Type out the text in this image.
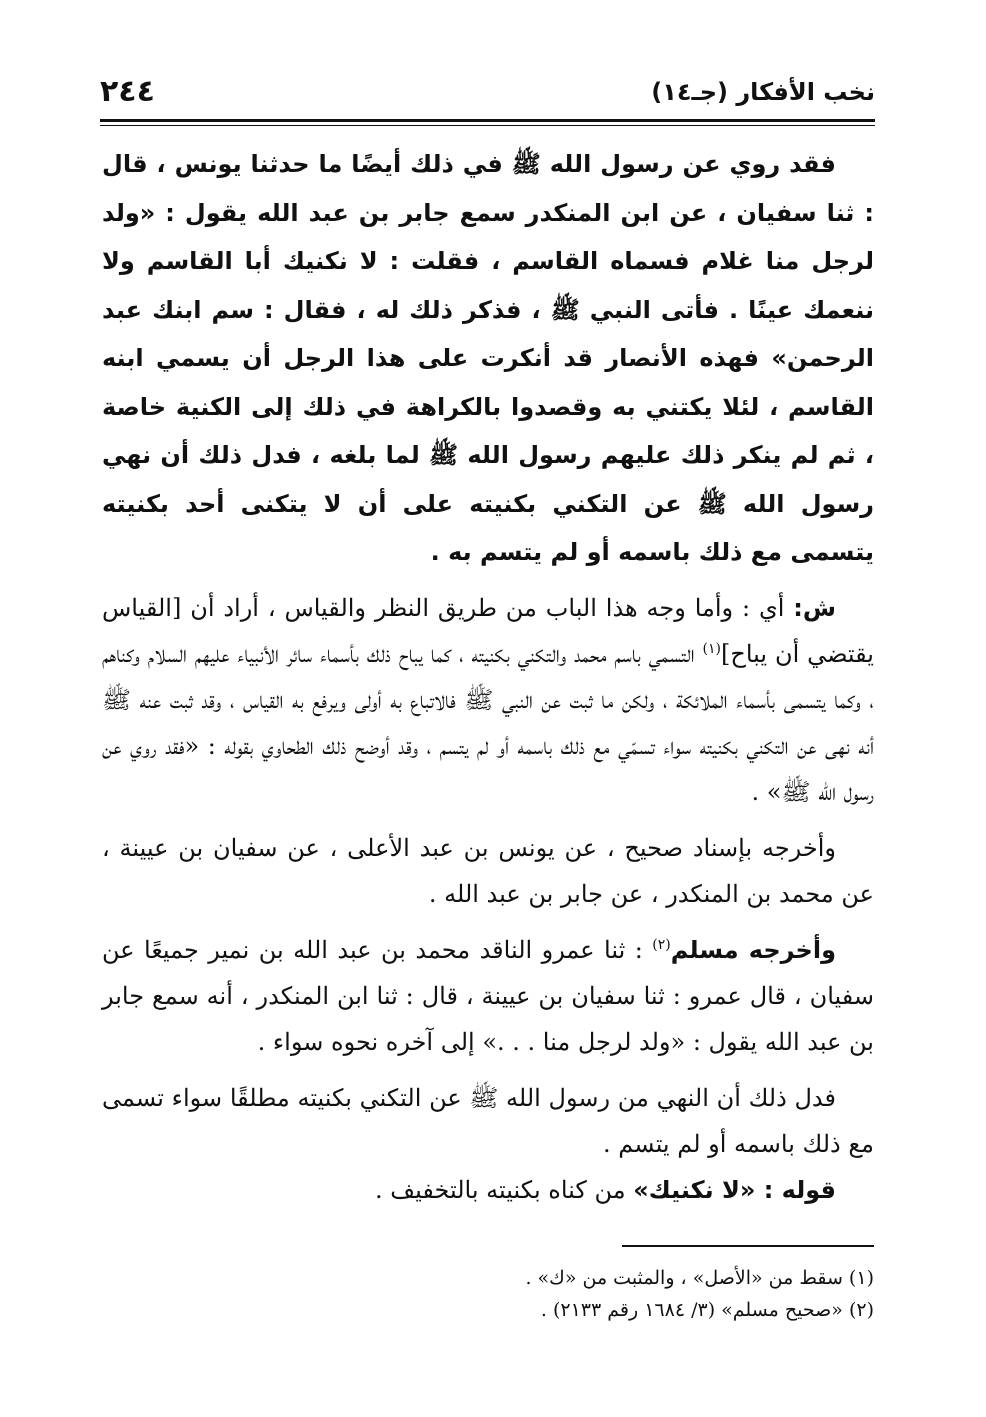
نخب الأفكار (جـ١٤)
٢٤٤

فقد روي عن رسول الله ﷺ في ذلك أيضًا ما حدثنا يونس ، قال : ثنا سفيان ، عن ابن المنكدر سمع جابر بن عبد الله يقول : «ولد لرجل منا غلام فسماه القاسم ، فقلت : لا نكنيك أبا القاسم ولا ننعمك عينًا . فأتى النبي ﷺ ، فذكر ذلك له ، فقال : سم ابنك عبد الرحمن» فهذه الأنصار قد أنكرت على هذا الرجل أن يسمي ابنه القاسم ، لئلا يكتني به وقصدوا بالكراهة في ذلك إلى الكنية خاصة ، ثم لم ينكر ذلك عليهم رسول الله ﷺ لما بلغه ، فدل ذلك أن نهي رسول الله ﷺ عن التكني بكنيته على أن لا يتكنى أحد بكنيته يتسمى مع ذلك باسمه أو لم يتسم به .

ش: أي : وأما وجه هذا الباب من طريق النظر والقياس ، أراد أن [القياس يقتضي أن يباح]$^{(١)}$ التسمي باسم محمد والتكني بكنيته ، كما يباح ذلك بأسماء سائر الأنبياء عليهم السلام وكناهم ، وكما يتسمى بأسماء الملائكة ، ولكن ما ثبت عن النبي ﷺ فالاتباع به أولى ويرفع به القياس ، وقد ثبت عنه ﷺ أنه نهى عن التكني بكنيته سواء تسمّي مع ذلك باسمه أو لم يتسم ، وقد أوضح ذلك الطحاوي بقوله : «فقد روي عن رسول الله ﷺ» .

وأخرجه بإسناد صحيح ، عن يونس بن عبد الأعلى ، عن سفيان بن عيينة ، عن محمد بن المنكدر ، عن جابر بن عبد الله .

وأخرجه مسلم$^{(٢)}$ : ثنا عمرو الناقد محمد بن عبد الله بن نمير جميعًا عن سفيان ، قال عمرو : ثنا سفيان بن عيينة ، قال : ثنا ابن المنكدر ، أنه سمع جابر بن عبد الله يقول : «ولد لرجل منا . . .» إلى آخره نحوه سواء .

فدل ذلك أن النهي من رسول الله ﷺ عن التكني بكنيته مطلقًا سواء تسمى مع ذلك باسمه أو لم يتسم .

قوله : «لا نكنيك» من كناه بكنيته بالتخفيف .

(١) سقط من «الأصل» ، والمثبت من «ك» .

(٢) «صحيح مسلم» (٣/ ١٦٨٤ رقم ٢١٣٣) .
